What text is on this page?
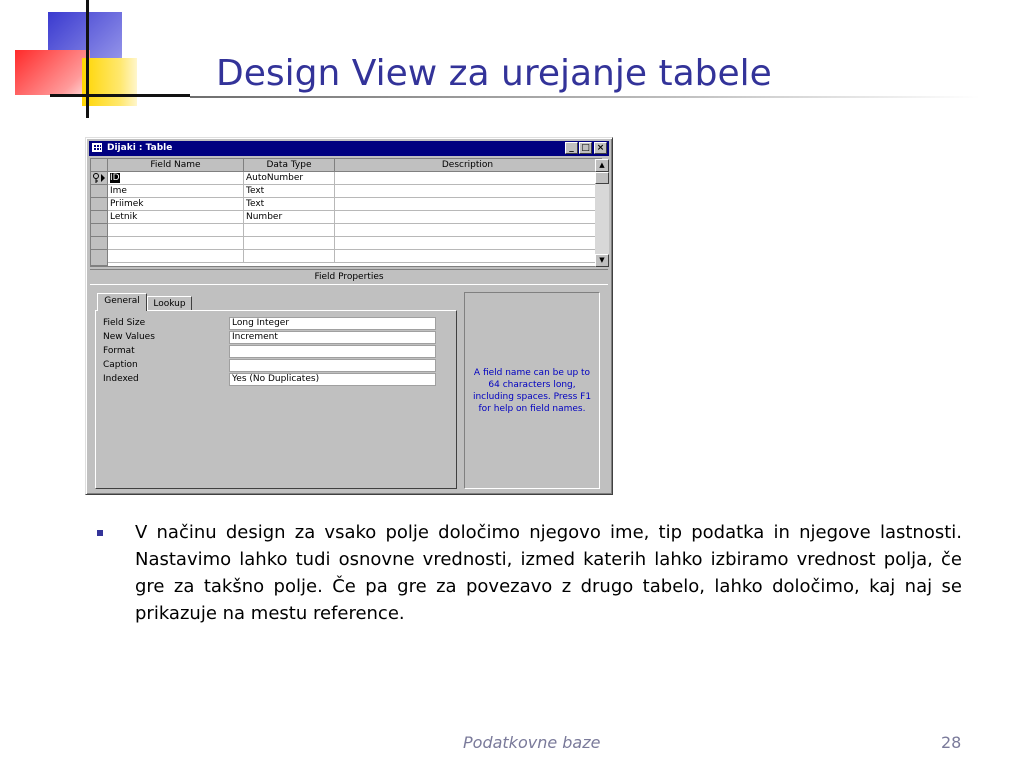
Design View za urejanje tabele
Dijaki : Table	_ □ ×
Field Name	Data Type	Description
ID	AutoNumber
Ime	Text
Priimek	Text
Letnik	Number
▲
▼
Field Properties
General	Lookup
Field Size	Long Integer
New Values	Increment
Format
Caption
Indexed	Yes (No Duplicates)
A field name can be up to 64 characters long, including spaces. Press F1 for help on field names.
V načinu design za vsako polje določimo njegovo ime, tip podatka in njegove lastnosti. Nastavimo lahko tudi osnovne vrednosti, izmed katerih lahko izbiramo vrednost polja, če gre za takšno polje. Če pa gre za povezavo z drugo tabelo, lahko določimo, kaj naj se prikazuje na mestu reference.
Podatkovne baze	28
